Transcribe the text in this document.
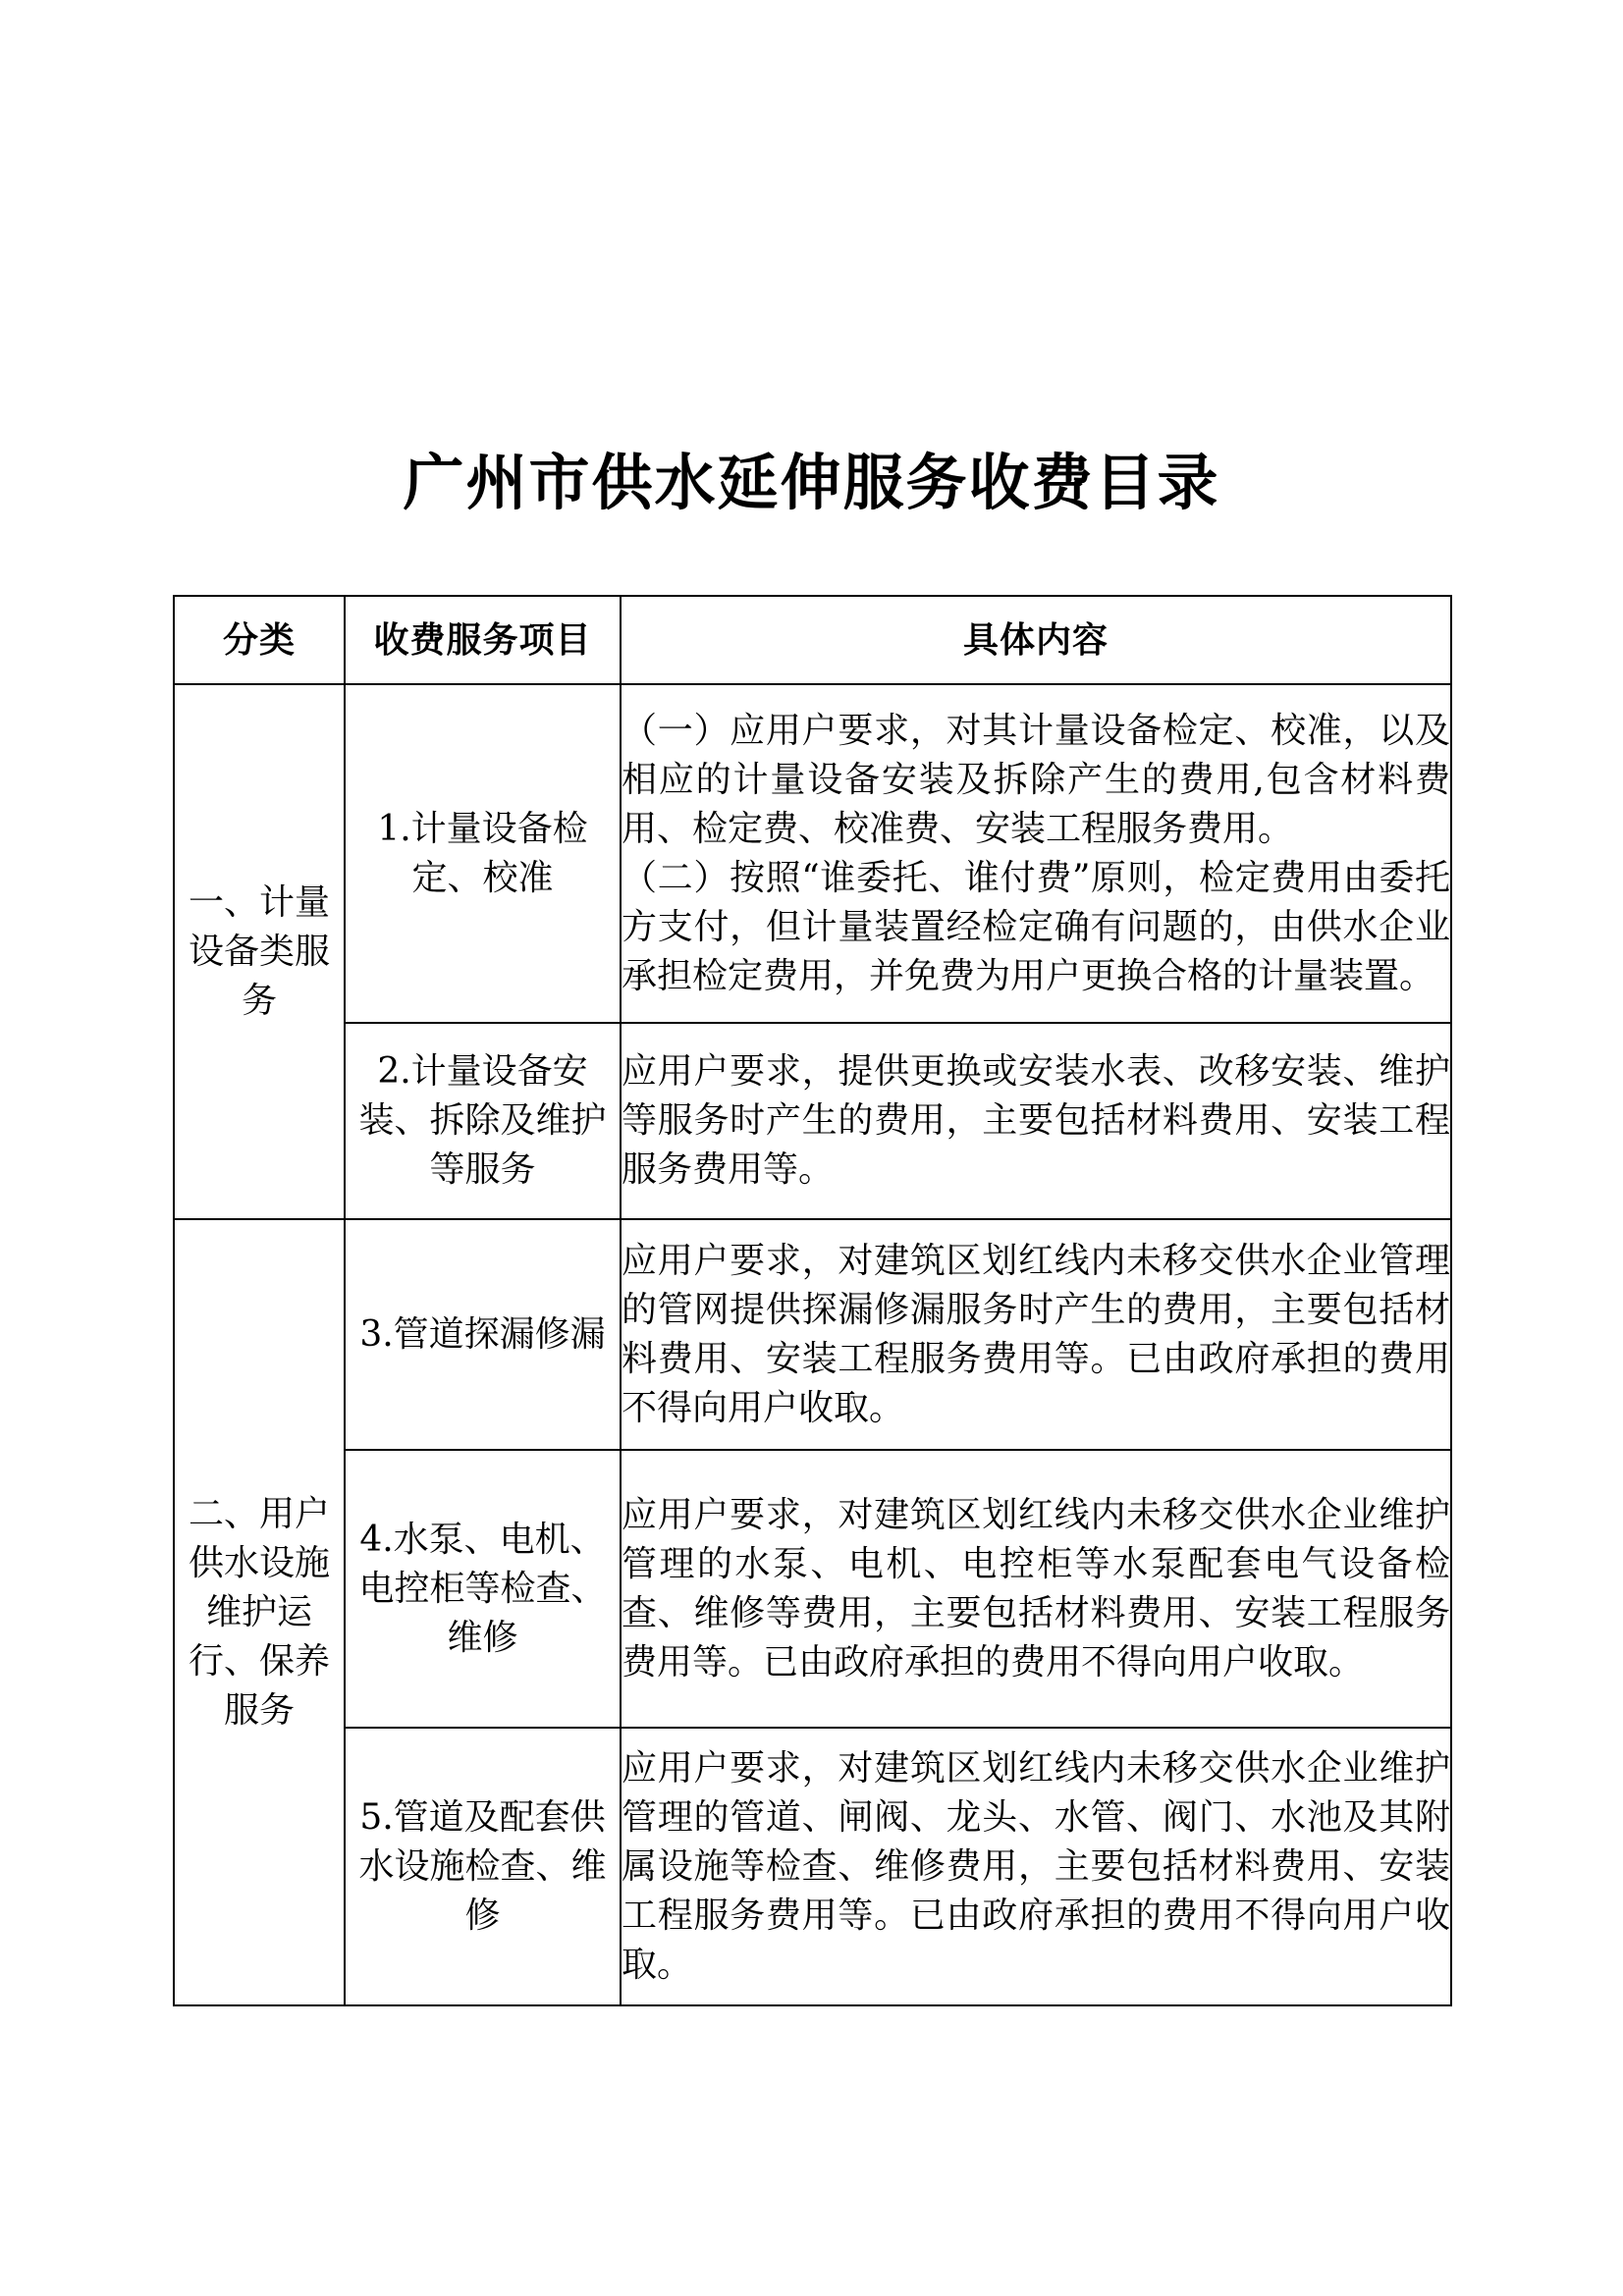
广州市供水延伸服务收费目录
分类	收费服务项目	具体内容
一、计量设备类服务	1.计量设备检定、校准	（一）应用户要求，对其计量设备检定、校准，以及相应的计量设备安装及拆除产生的费用,包含材料费用、检定费、校准费、安装工程服务费用。
（二）按照“谁委托、谁付费”原则，检定费用由委托方支付，但计量装置经检定确有问题的，由供水企业承担检定费用，并免费为用户更换合格的计量装置。

	2.计量设备安装、拆除及维护等服务	应用户要求，提供更换或安装水表、改移安装、维护等服务时产生的费用，主要包括材料费用、安装工程服务费用等。

二、用户供水设施维护运行、保养服务	3.管道探漏修漏	应用户要求，对建筑区划红线内未移交供水企业管理的管网提供探漏修漏服务时产生的费用，主要包括材料费用、安装工程服务费用等。已由政府承担的费用不得向用户收取。

	4.水泵、电机、电控柜等检查、维修	应用户要求，对建筑区划红线内未移交供水企业维护管理的水泵、电机、电控柜等水泵配套电气设备检查、维修等费用，主要包括材料费用、安装工程服务费用等。已由政府承担的费用不得向用户收取。

	5.管道及配套供水设施检查、维修	应用户要求，对建筑区划红线内未移交供水企业维护管理的管道、闸阀、龙头、水管、阀门、水池及其附属设施等检查、维修费用，主要包括材料费用、安装工程服务费用等。已由政府承担的费用不得向用户收取。
